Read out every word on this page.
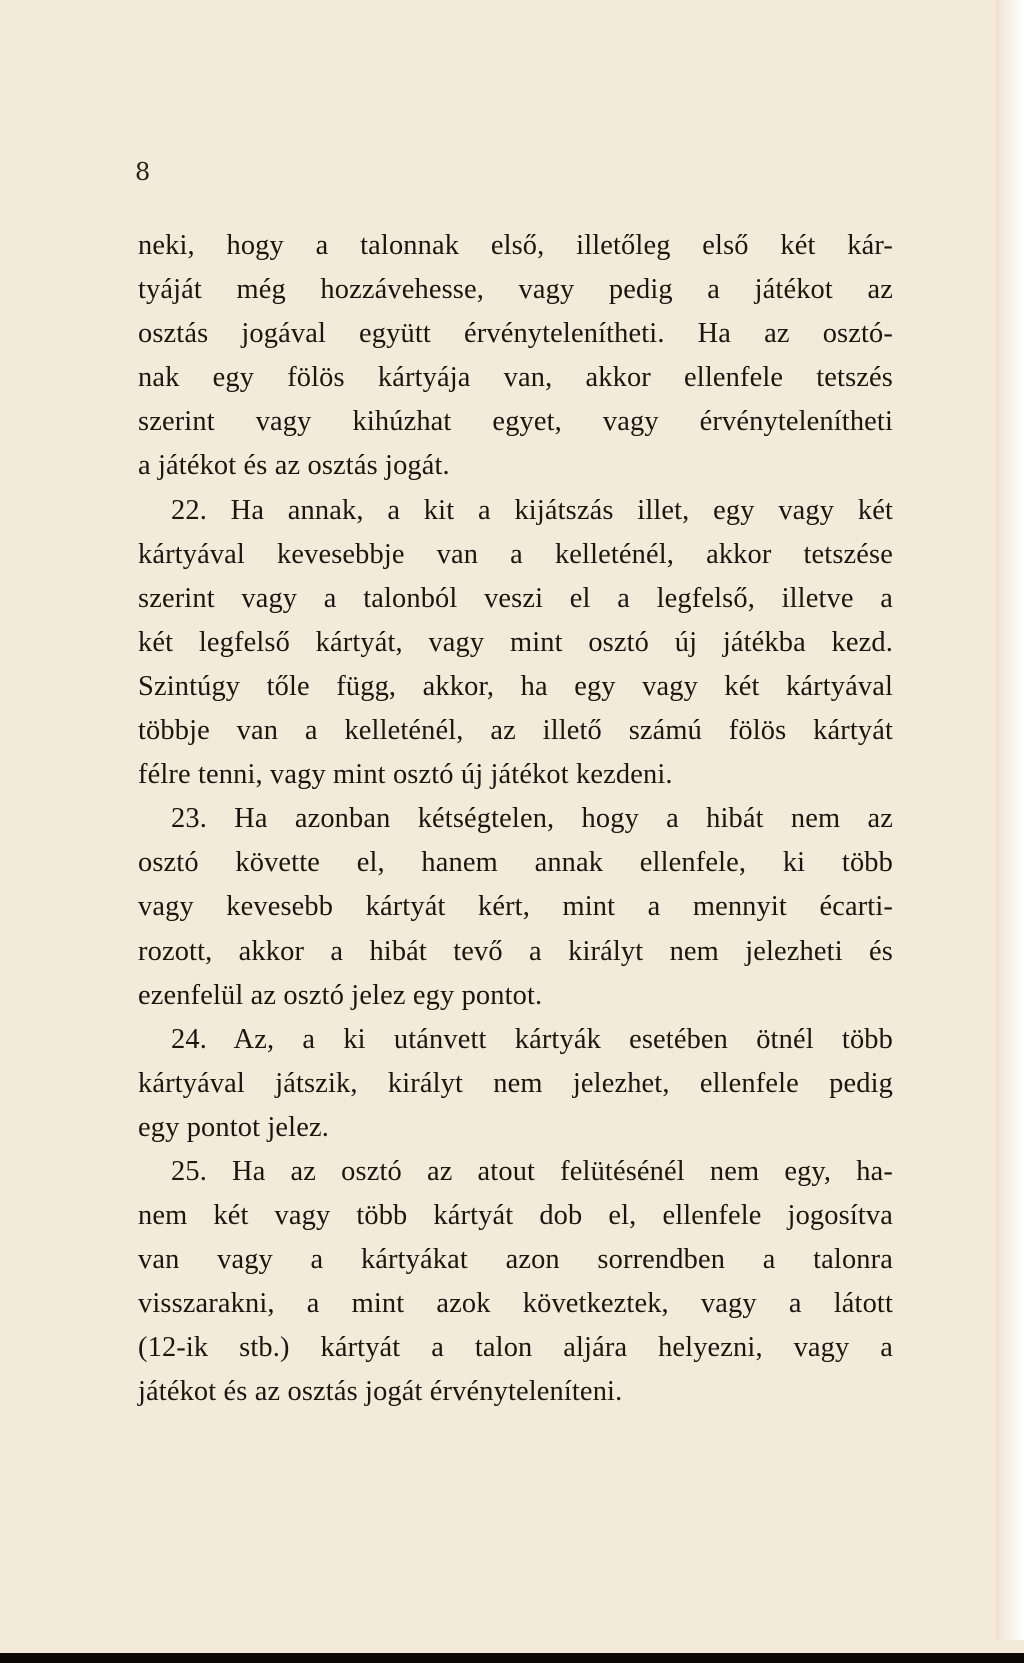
8
neki, hogy a talonnak első, illetőleg első két kár-
tyáját még hozzávehesse, vagy pedig a játékot az
osztás jogával együtt érvénytelenítheti. Ha az osztó-
nak egy fölös kártyája van, akkor ellenfele tetszés
szerint vagy kihúzhat egyet, vagy érvénytelenítheti
a játékot és az osztás jogát.
22. Ha annak, a kit a kijátszás illet, egy vagy két
kártyával kevesebbje van a kelleténél, akkor tetszése
szerint vagy a talonból veszi el a legfelső, illetve a
két legfelső kártyát, vagy mint osztó új játékba kezd.
Szintúgy tőle függ, akkor, ha egy vagy két kártyával
többje van a kelleténél, az illető számú fölös kártyát
félre tenni, vagy mint osztó új játékot kezdeni.
23. Ha azonban kétségtelen, hogy a hibát nem az
osztó követte el, hanem annak ellenfele, ki több
vagy kevesebb kártyát kért, mint a mennyit écarti-
rozott, akkor a hibát tevő a királyt nem jelezheti és
ezenfelül az osztó jelez egy pontot.
24. Az, a ki utánvett kártyák esetében ötnél több
kártyával játszik, királyt nem jelezhet, ellenfele pedig
egy pontot jelez.
25. Ha az osztó az atout felütésénél nem egy, ha-
nem két vagy több kártyát dob el, ellenfele jogosítva
van vagy a kártyákat azon sorrendben a talonra
visszarakni, a mint azok következtek, vagy a látott
(12-ik stb.) kártyát a talon aljára helyezni, vagy a
játékot és az osztás jogát érvényteleníteni.
